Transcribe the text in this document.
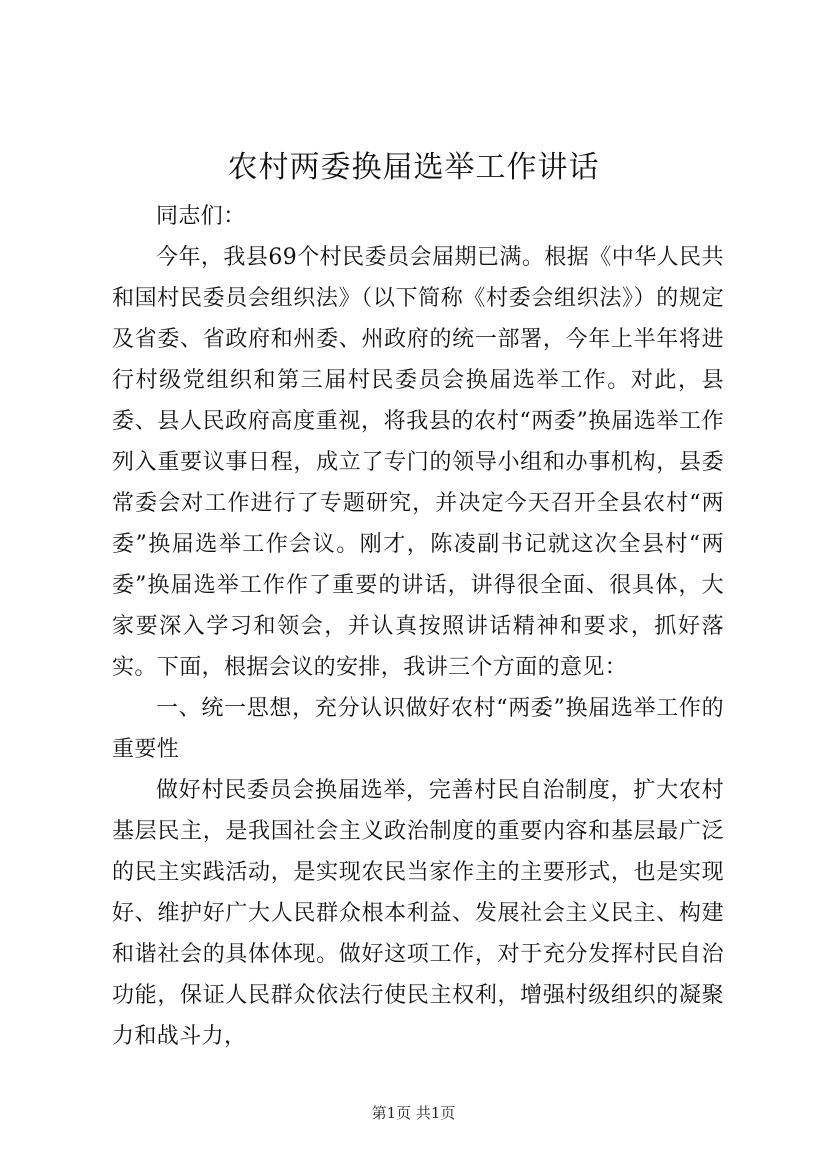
农村两委换届选举工作讲话

同志们：

今年，我县69个村民委员会届期已满。根据《中华人民共和国村民委员会组织法》（以下简称《村委会组织法》）的规定及省委、省政府和州委、州政府的统一部署，今年上半年将进行村级党组织和第三届村民委员会换届选举工作。对此，县委、县人民政府高度重视，将我县的农村“两委”换届选举工作列入重要议事日程，成立了专门的领导小组和办事机构，县委常委会对工作进行了专题研究，并决定今天召开全县农村“两委”换届选举工作会议。刚才，陈凌副书记就这次全县村“两委”换届选举工作作了重要的讲话，讲得很全面、很具体，大家要深入学习和领会，并认真按照讲话精神和要求，抓好落实。下面，根据会议的安排，我讲三个方面的意见：

一、统一思想，充分认识做好农村“两委”换届选举工作的重要性

做好村民委员会换届选举，完善村民自治制度，扩大农村基层民主，是我国社会主义政治制度的重要内容和基层最广泛的民主实践活动，是实现农民当家作主的主要形式，也是实现好、维护好广大人民群众根本利益、发展社会主义民主、构建和谐社会的具体体现。做好这项工作，对于充分发挥村民自治功能，保证人民群众依法行使民主权利，增强村级组织的凝聚力和战斗力，

第1页 共1页
